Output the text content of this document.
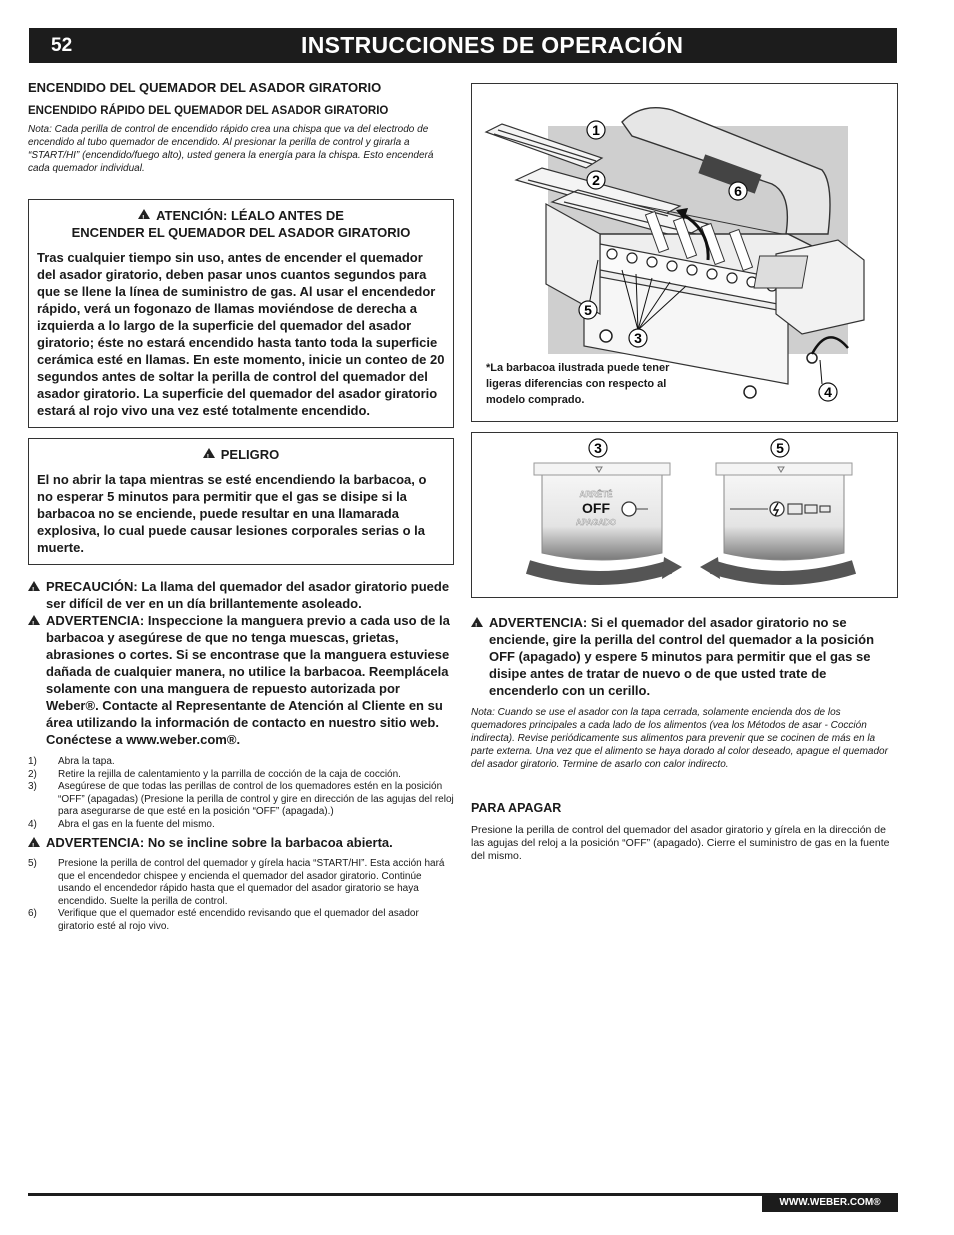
52	INSTRUCCIONES DE OPERACIÓN
ENCENDIDO DEL QUEMADOR DEL ASADOR GIRATORIO
ENCENDIDO RÁPIDO DEL QUEMADOR DEL ASADOR GIRATORIO

Nota: Cada perilla de control de encendido rápido crea una chispa que va del electrodo de encendido al tubo quemador de encendido. Al presionar la perilla de control y girarla a “START/HI” (encendido/fuego alto), usted genera la energía para la chispa. Esto encenderá cada quemador individual.

!ATENCIÓN: LÉALO ANTES DE
ENCENDER EL QUEMADOR DEL ASADOR GIRATORIO
Tras cualquier tiempo sin uso, antes de encender el quemador del asador giratorio, deben pasar unos cuantos segundos para que se llene la línea de suministro de gas. Al usar el encendedor rápido, verá un fogonazo de llamas moviéndose de derecha a izquierda a lo largo de la superficie del quemador del asador giratorio; éste no estará encendido hasta tanto toda la superficie cerámica esté en llamas. En este momento, inicie un conteo de 20 segundos antes de soltar la perilla de control del quemador del asador giratorio. La superficie del quemador del asador giratorio estará al rojo vivo una vez esté totalmente encendido.
!PELIGRO
El no abrir la tapa mientras se esté encendiendo la barbacoa, o no esperar 5 minutos para permitir que el gas se disipe si la barbacoa no se enciende, puede resultar en una llamarada explosiva, lo cual puede causar lesiones corporales serias o la muerte.
!
PRECAUCIÓN: La llama del quemador del asador giratorio puede ser difícil de ver en un día brillantemente asoleado.
!
ADVERTENCIA: Inspeccione la manguera previo a cada uso de la barbacoa y asegúrese de que no tenga muescas, grietas, abrasiones o cortes. Si se encontrase que la manguera estuviese dañada de cualquier manera, no utilice la barbacoa. Reemplácela solamente con una manguera de repuesto autorizada por Weber®. Contacte al Representante de Atención al Cliente en su área utilizando la información de contacto en nuestro sitio web. Conéctese a www.weber.com®.
1) Abra la tapa.
2) Retire la rejilla de calentamiento y la parrilla de cocción de la caja de cocción.
3) Asegúrese de que todas las perillas de control de los quemadores estén en la posición “OFF” (apagadas) (Presione la perilla de control y gire en dirección de las agujas del reloj para asegurarse de que esté en la posición “OFF” (apagada).)
4) Abra el gas en la fuente del mismo.
!
ADVERTENCIA: No se incline sobre la barbacoa abierta.
5) Presione la perilla de control del quemador y gírela hacia “START/HI”. Esta acción hará que el encendedor chispee y encienda el quemador del asador giratorio. Continúe usando el encendedor rápido hasta que el quemador del asador giratorio se haya encendido. Suelte la perilla de control.
6) Verifique que el quemador esté encendido revisando que el quemador del asador giratorio esté al rojo vivo.
1
2
6
5
3
4
*La barbacoa ilustrada puede tener ligeras diferencias con respecto al modelo comprado.
ARRÊTÉ
OFF
APAGADO
3	5
!
ADVERTENCIA: Si el quemador del asador giratorio no se enciende, gire la perilla del control del quemador a la posición OFF (apagado) y espere 5 minutos para permitir que el gas se disipe antes de tratar de nuevo o de que usted trate de encenderlo con un cerillo.

Nota: Cuando se use el asador con la tapa cerrada, solamente encienda dos de los quemadores principales a cada lado de los alimentos (vea los Métodos de asar - Cocción indirecta). Revise periódicamente sus alimentos para prevenir que se cocinen de más en la parte externa. Una vez que el alimento se haya dorado al color deseado, apague el quemador del asador giratorio. Termine de asarlo con calor indirecto.

PARA APAGAR

Presione la perilla de control del quemador del asador giratorio y gírela en la dirección de las agujas del reloj a la posición “OFF” (apagado). Cierre el suministro de gas en la fuente del mismo.

WWW.WEBER.COM®
